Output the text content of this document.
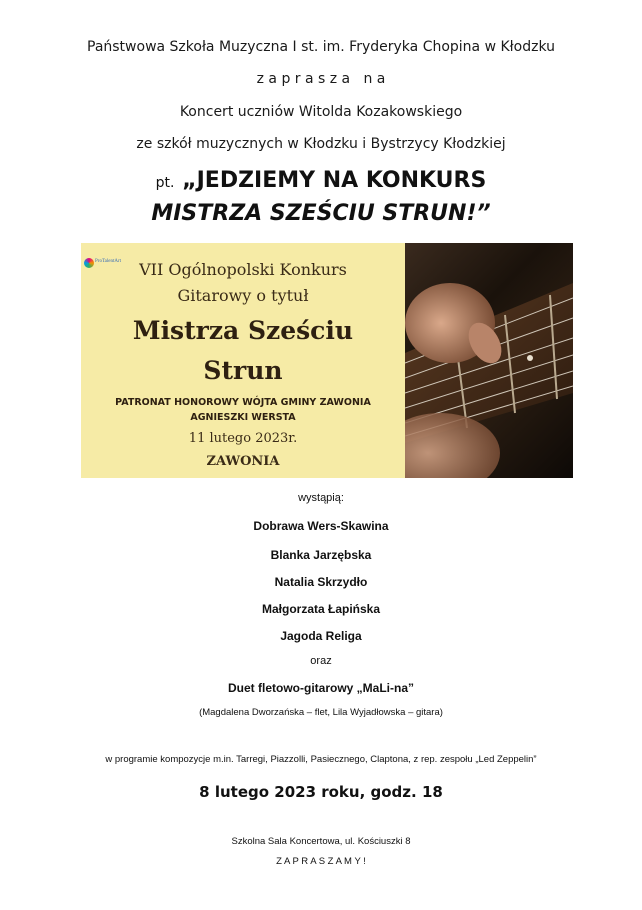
Państwowa Szkoła Muzyczna I st. im. Fryderyka Chopina w Kłodzku
z a p r a s z a   n a
Koncert uczniów Witolda Kozakowskiego
ze szkół muzycznych w Kłodzku i Bystrzycy Kłodzkiej
pt. „JEDZIEMY NA KONKURS
MISTRZA SZEŚCIU STRUN!”
ProTalentArt	VII Ogólnopolski Konkurs
Gitarowy o tytuł
Mistrza Sześciu
Strun
PATRONAT HONOROWY WÓJTA GMINY ZAWONIA
AGNIESZKI WERSTA
11 lutego 2023r.
ZAWONIA
wystąpią:
Dobrawa Wers-Skawina
Blanka Jarzębska
Natalia Skrzydło
Małgorzata Łapińska
Jagoda Religa
oraz
Duet fletowo-gitarowy „MaLi-na”
(Magdalena Dworzańska – flet, Lila Wyjadłowska – gitara)
w programie kompozycje m.in. Tarregi, Piazzolli, Pasiecznego, Claptona, z rep. zespołu „Led Zeppelin”
8 lutego 2023 roku, godz. 18
Szkolna Sala Koncertowa, ul. Kościuszki 8
Z A P R A S Z A M Y !
